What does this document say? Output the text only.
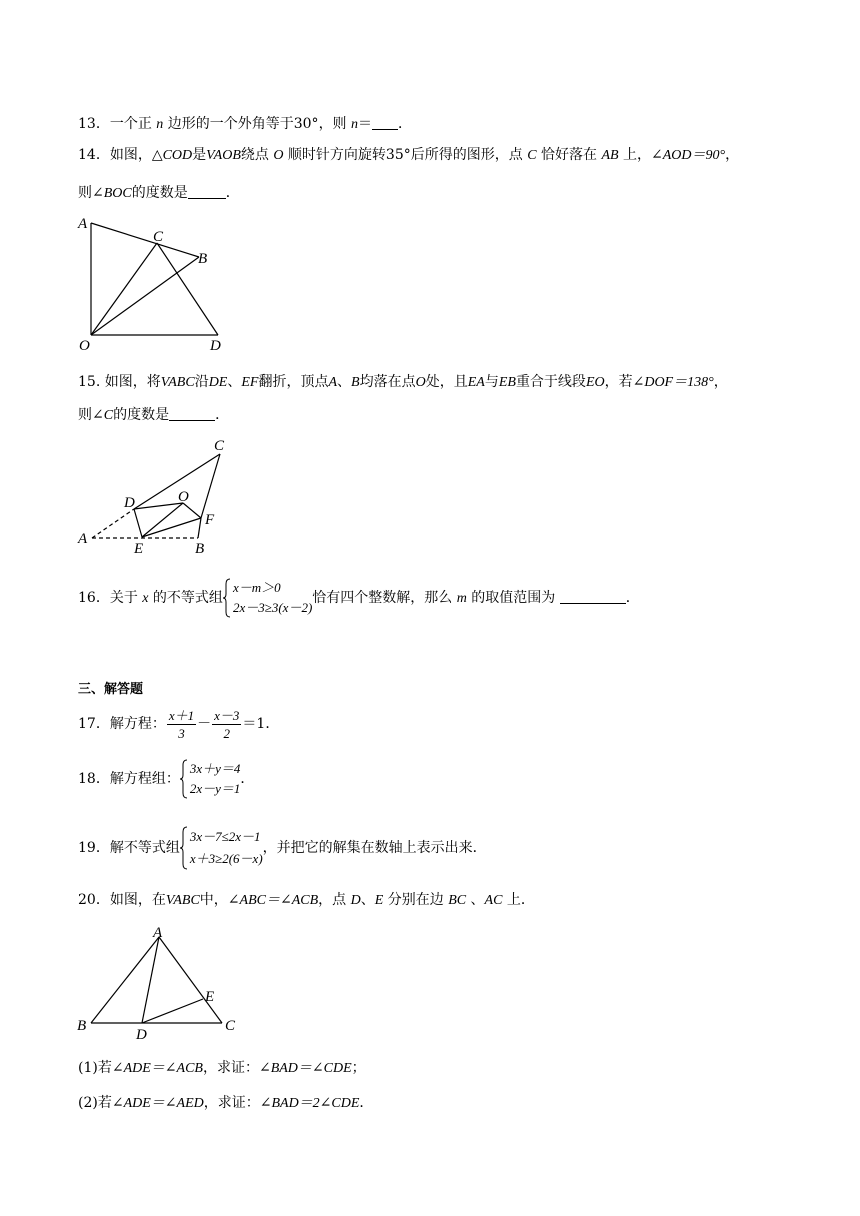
13．一个正 n 边形的一个外角等于30°，则 n＝ ．
14．如图，△COD是VAOB绕点 O 顺时针方向旋转35°后所得的图形，点 C 恰好落在 AB 上，∠AOD＝90°，
则∠BOC的度数是	．
A
C
B
O	D
15. 如图，将VABC沿DE、EF翻折，顶点A、B均落在点O处，且EA与EB重合于线段EO，若∠DOF＝138°，
则∠C的度数是	．
C
O
D
F
A
E	B
16．关于 x 的不等式组
x－m＞0
2x－3≥3(x－2)
恰有四个整数解，那么 m 的取值范围为	．
三、解答题
17．解方程： $\frac{x+1}{3} - \frac{x-3}{2} =1$．
18．解方程组：
3x＋y＝4
2x－y＝1
．
19．解不等式组
3x－7≤2x－1
x＋3≥2(6－x)
，并把它的解集在数轴上表示出来．
20．如图，在VABC中，∠ABC＝∠ACB，点 D、E 分别在边 BC 、AC 上．
A
E
B
D
C
(1)若∠ADE＝∠ACB，求证：∠BAD＝∠CDE；
(2)若∠ADE＝∠AED，求证：∠BAD＝2∠CDE．
